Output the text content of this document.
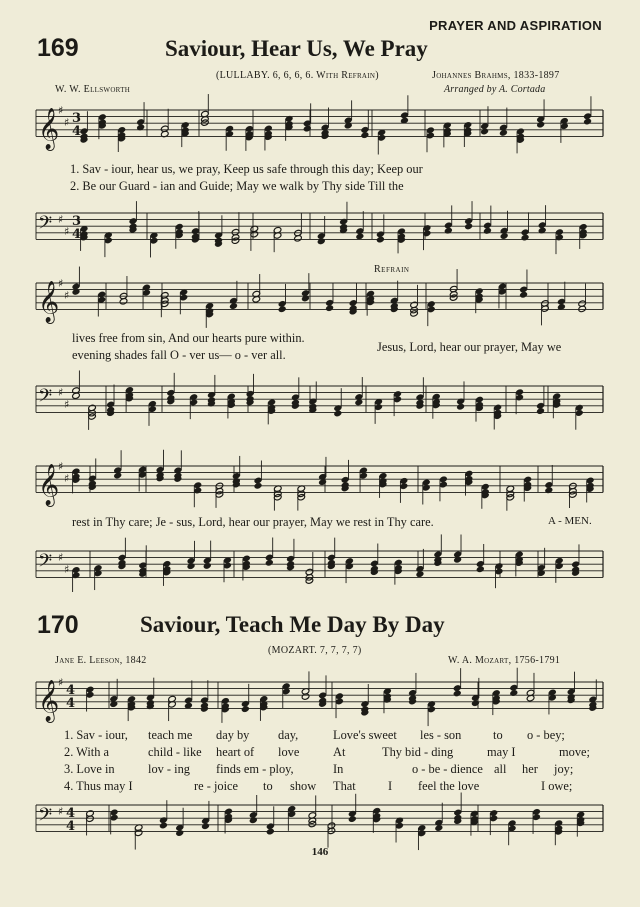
PRAYER AND ASPIRATION
169	Saviour, Hear Us, We Pray
(LULLABY. 6, 6, 6, 6. With Refrain)	Johannes Brahms, 1833-1897
W. W. Ellsworth	Arranged by A. Cortada
𝄞
♯
♯ 3
4
𝄢 ♯
♯
3
4
𝄞
♯
♯
𝄢 ♯
♯
𝄞
♯
♯
𝄢 ♯
♯
𝄞
♯
4
4
𝄢 ♯ 4
4
1. Sav - iour, hear us, we pray, Keep us safe through this day; Keep our
2. Be our Guard - ian and Guide; May we walk by Thy side Till the
Refrain
lives free from sin, And our hearts pure within.
evening shades fall O - ver us— o - ver all.
Jesus, Lord, hear our prayer, May we
rest in Thy care; Je - sus, Lord, hear our prayer, May we rest in Thy care.	A - MEN.
170	Saviour, Teach Me Day By Day
(MOZART. 7, 7, 7, 7)
Jane E. Leeson, 1842	W. A. Mozart, 1756-1791
1. Sav - iour, teach me day by day,	Love's sweet les - son	to o - bey;
2. With a	child - like heart of love	At	Thy bid - ding	may I	move;
3. Love in	lov - ing finds em - ploy,	In	o - be - dience all her joy;
4. Thus may I	re - joice to show That	I feel the love	I owe;
146
